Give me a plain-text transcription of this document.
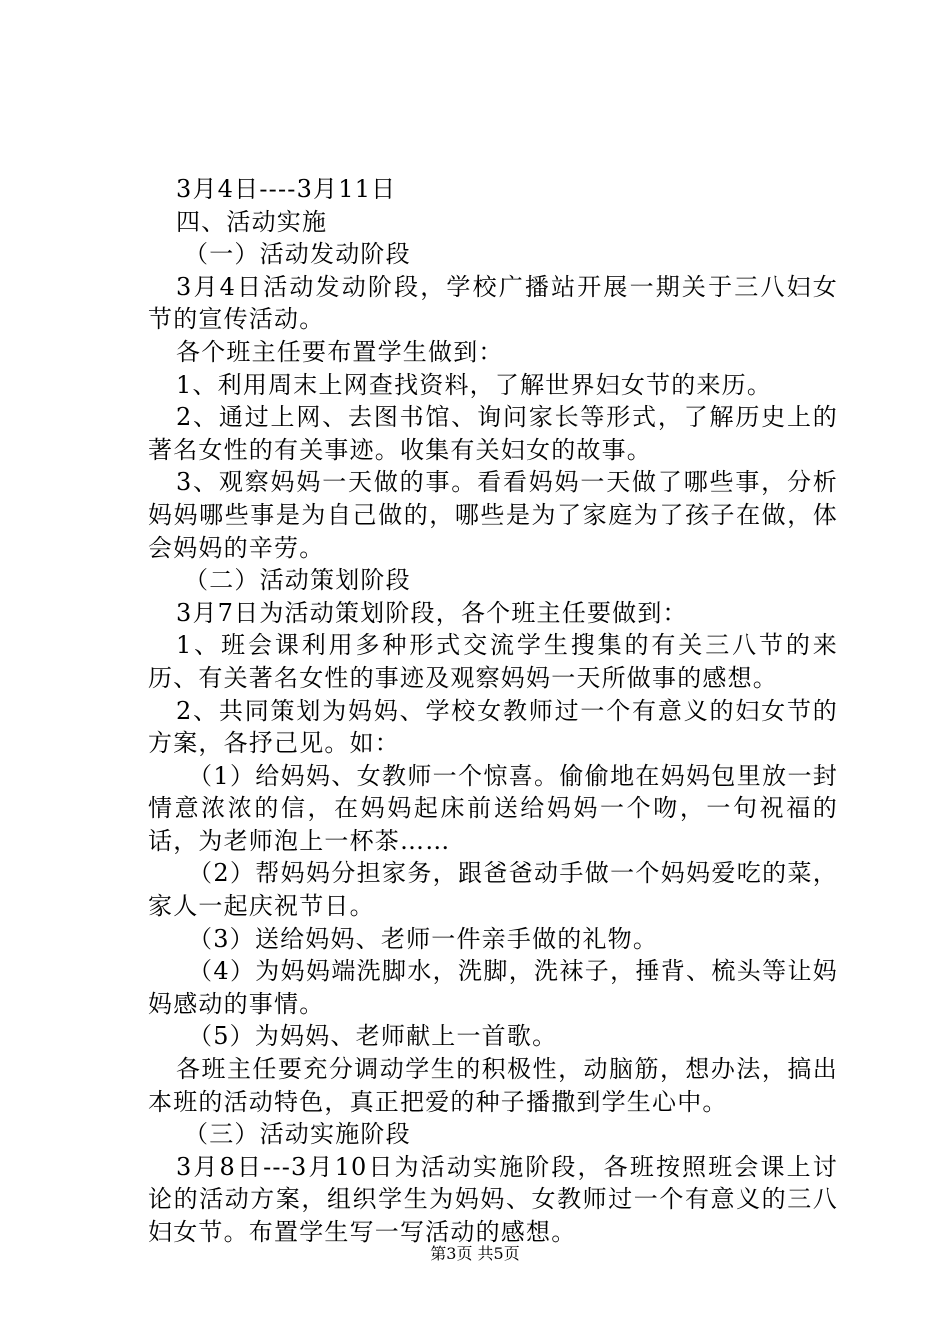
3月4日----3月11日

四、活动实施

（一）活动发动阶段

3月4日活动发动阶段，学校广播站开展一期关于三八妇女节的宣传活动。

各个班主任要布置学生做到：

1、利用周末上网查找资料，了解世界妇女节的来历。

2、通过上网、去图书馆、询问家长等形式，了解历史上的著名女性的有关事迹。收集有关妇女的故事。

3、观察妈妈一天做的事。看看妈妈一天做了哪些事，分析妈妈哪些事是为自己做的，哪些是为了家庭为了孩子在做，体会妈妈的辛劳。

（二）活动策划阶段

3月7日为活动策划阶段，各个班主任要做到：

1、班会课利用多种形式交流学生搜集的有关三八节的来历、有关著名女性的事迹及观察妈妈一天所做事的感想。

2、共同策划为妈妈、学校女教师过一个有意义的妇女节的方案，各抒己见。如：

（1）给妈妈、女教师一个惊喜。偷偷地在妈妈包里放一封情意浓浓的信，在妈妈起床前送给妈妈一个吻，一句祝福的话，为老师泡上一杯茶……

（2）帮妈妈分担家务，跟爸爸动手做一个妈妈爱吃的菜，家人一起庆祝节日。

（3）送给妈妈、老师一件亲手做的礼物。

（4）为妈妈端洗脚水，洗脚，洗袜子，捶背、梳头等让妈妈感动的事情。

（5）为妈妈、老师献上一首歌。

各班主任要充分调动学生的积极性，动脑筋，想办法，搞出本班的活动特色，真正把爱的种子播撒到学生心中。

（三）活动实施阶段

3月8日---3月10日为活动实施阶段，各班按照班会课上讨论的活动方案，组织学生为妈妈、女教师过一个有意义的三八妇女节。布置学生写一写活动的感想。

第3页 共5页
